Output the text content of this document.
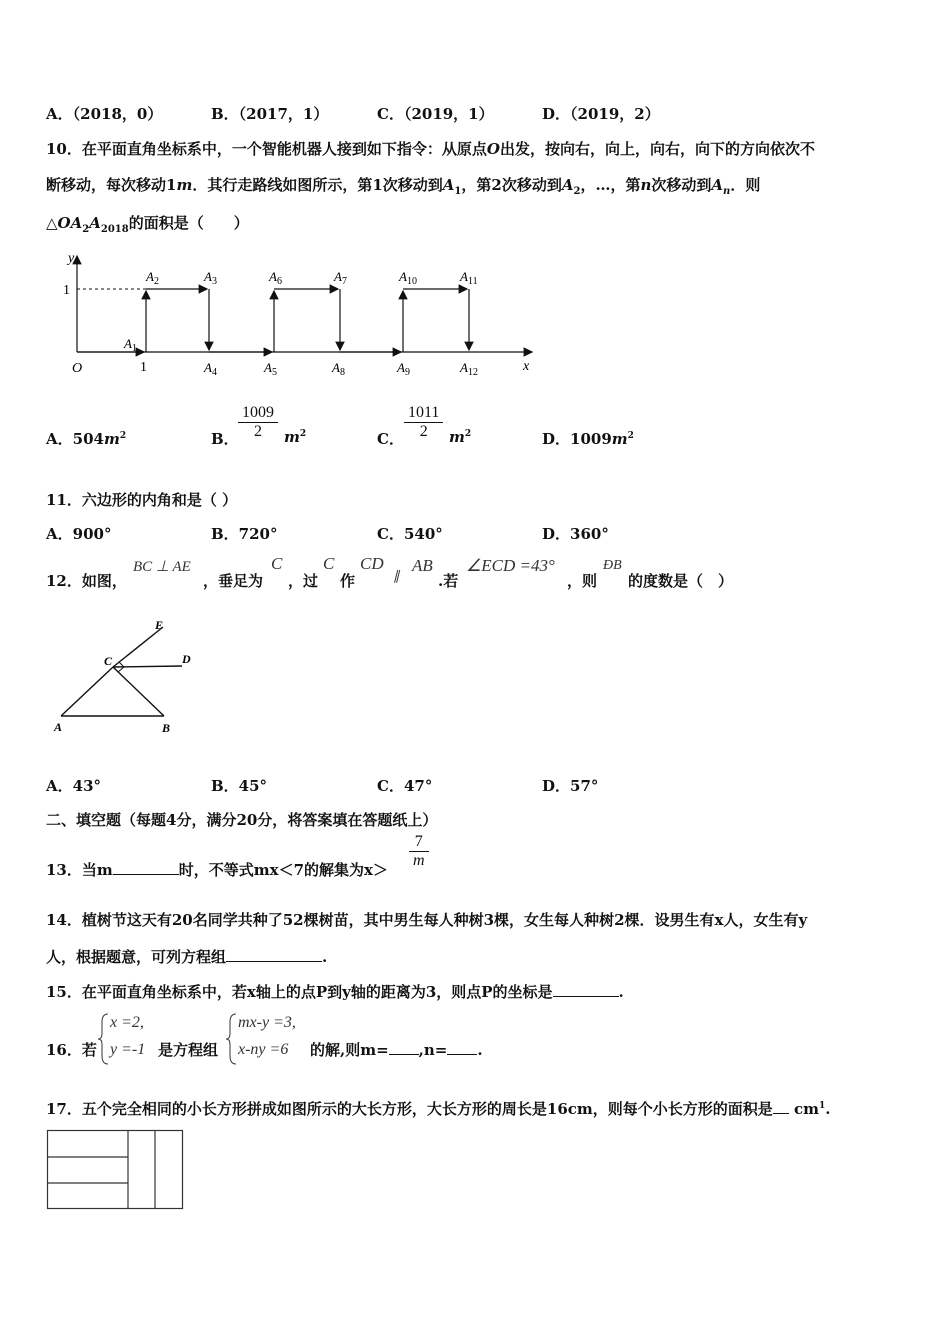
A．（2018，0）	B．（2017，1）	C．（2019，1）	D．（2019，2）
10．在平面直角坐标系中，一个智能机器人接到如下指令：从原点O出发，按向右，向上，向右，向下的方向依次不
断移动，每次移动1m．其行走路线如图所示，第1次移动到$A_1$，第2次移动到$A_2$，…，第n次移动到$A_n$．则
$\triangle OA_2A_{2018}$的面积是（　　）
y
x
O	1
1
$A_1$
$A_2$	$A_3$
$A_4$	$A_5$
$A_6$	$A_7$
$A_8$	$A_9$
$A_{10}$	$A_{11}$
$A_{12}$
A．$504m^2$	B． $\frac{1009}{2} m^2$	C． $\frac{1011}{2} m^2$	D．$1009m^2$
11．六边形的内角和是（ ）
A．900°	B．720°	C．540°	D．360°
12．如图，
BC ⊥ AE
，垂足为
C
，过
C
作
CD
∥
AB
.若
∠ECD =43°
，则
ÐB
的度数是（　）
E
C	D
A	B
A．43°	B．45°	C．47°	D．57°
二、填空题（每题4分，满分20分，将答案填在答题纸上）
13．当m	时，不等式mx＜7的解集为$x> \frac{7}{m}$
14．植树节这天有20名同学共种了52棵树苗，其中男生每人种树3棵，女生每人种树2棵．设男生有x人，女生有y
人，根据题意，可列方程组	.
15．在平面直角坐标系中，若x轴上的点P到y轴的距离为3，则点P的坐标是	.
16．若
x =2,
y =-1 是方程组
mx-y =3,
x-ny =6 的解,则m= ,n= .
17．五个完全相同的小长方形拼成如图所示的大长方形，大长方形的周长是16cm，则每个小长方形的面积是 $cm^1$.
